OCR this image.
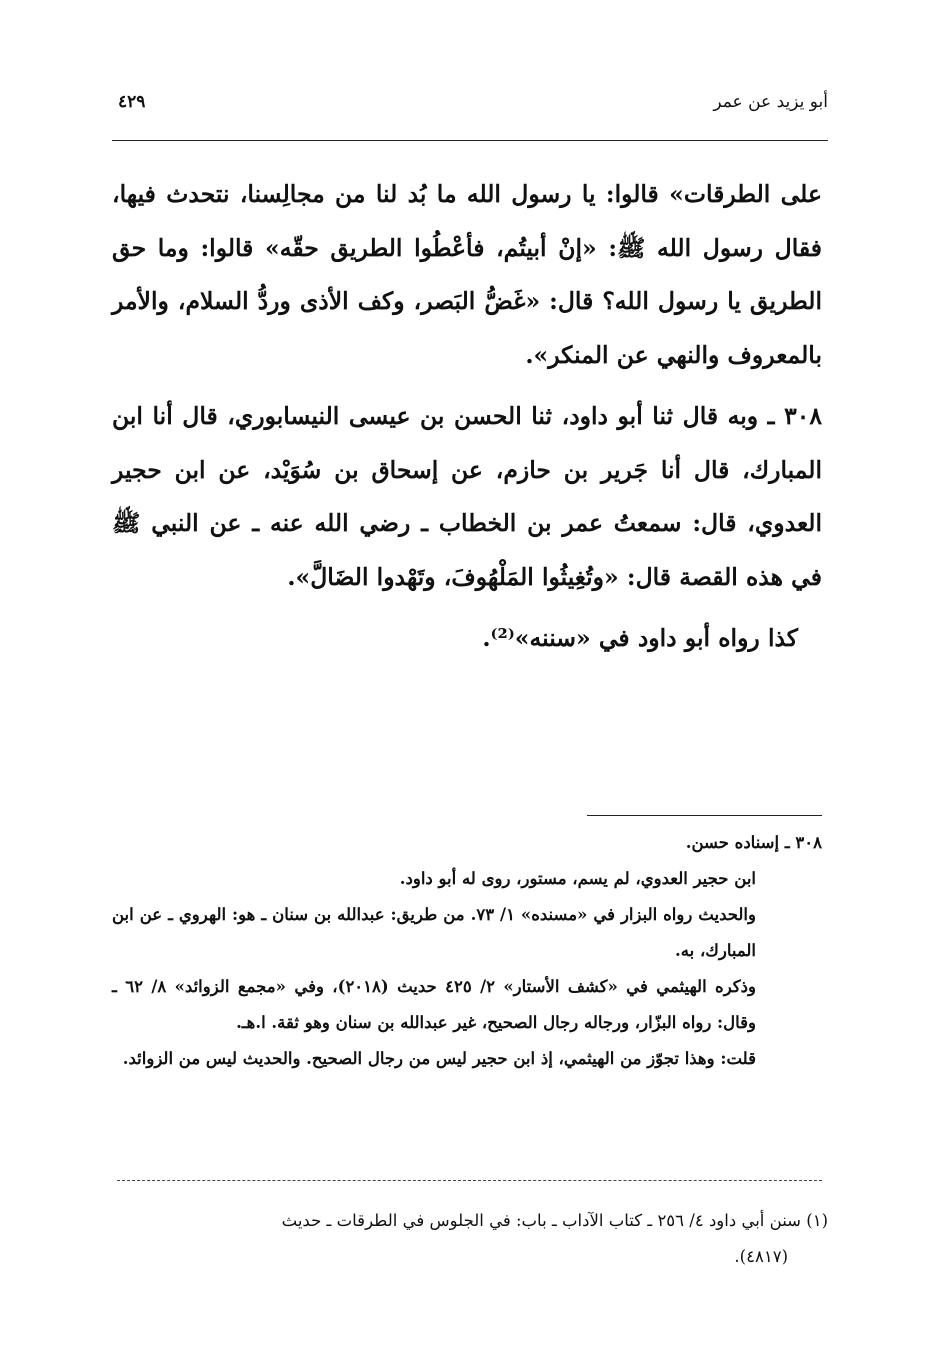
أبو يزيد عن عمر
٤٢٩

على الطرقات» قالوا: يا رسول الله ما بُد لنا من مجالِسنا، نتحدث فيها، فقال رسول الله ﷺ: «إنْ أبيتُم، فأعْطُوا الطريق حقّه» قالوا: وما حق الطريق يا رسول الله؟ قال: «غَضُّ البَصر، وكف الأذى وردُّ السلام، والأمر بالمعروف والنهي عن المنكر».

٣٠٨ ـ وبه قال ثنا أبو داود، ثنا الحسن بن عيسى النيسابوري، قال أنا ابن المبارك، قال أنا جَرير بن حازم، عن إسحاق بن سُوَيْد، عن ابن حجير العدوي، قال: سمعتُ عمر بن الخطاب ـ رضي الله عنه ـ عن النبي ﷺ في هذه القصة قال: «وتُغِيثُوا المَلْهُوفَ، وتَهْدوا الضَالَّ».

كذا رواه أبو داود في «سننه»⁽²⁾.

٣٠٨ ـ إسناده حسن.

ابن حجير العدوي، لم يسم، مستور، روى له أبو داود.

والحديث رواه البزار في «مسنده» ١/ ٧٣. من طريق: عبدالله بن سنان ـ هو: الهروي ـ عن ابن المبارك، به.

وذكره الهيثمي في «كشف الأستار» ٢/ ٤٢٥ حديث (٢٠١٨)، وفي «مجمع الزوائد» ٨/ ٦٢ ـ وقال: رواه البزّار، ورجاله رجال الصحيح، غير عبدالله بن سنان وهو ثقة. ا.هـ.

قلت: وهذا تجوّز من الهيثمي، إذ ابن حجير ليس من رجال الصحيح. والحديث ليس من الزوائد.

(١) سنن أبي داود ٤/ ٢٥٦ ـ كتاب الآداب ـ باب: في الجلوس في الطرقات ـ حديث

(٤٨١٧).
